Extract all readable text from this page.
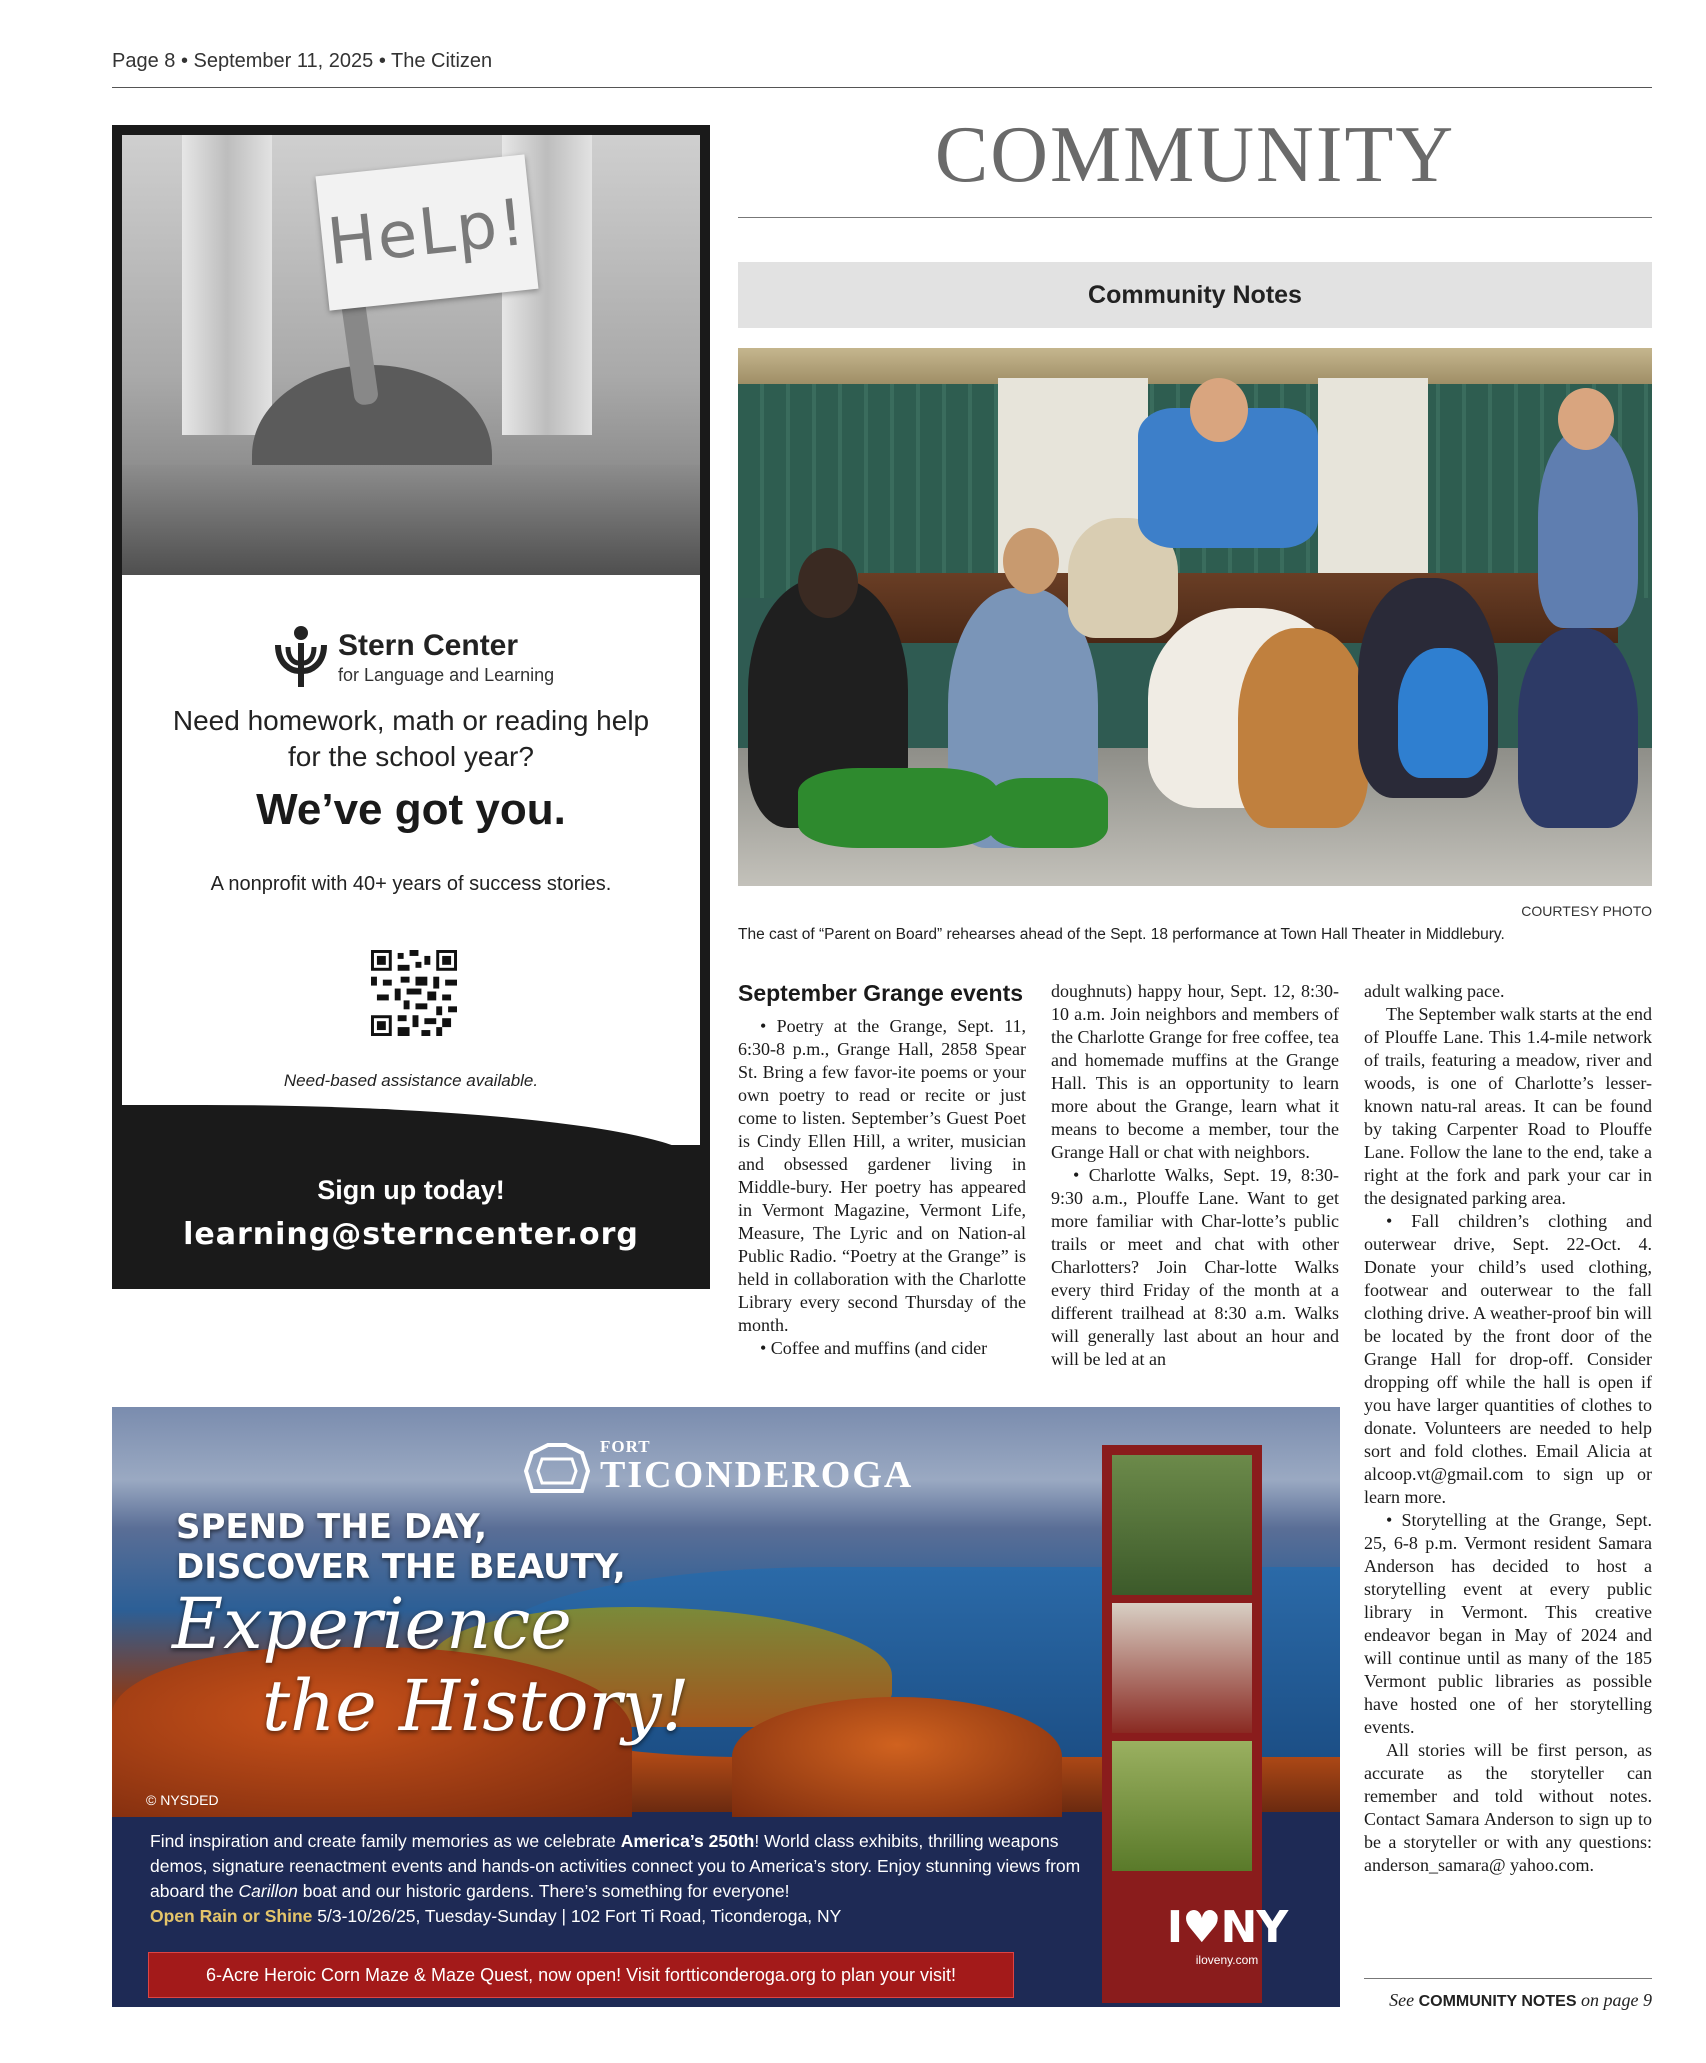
Page 8 • September 11, 2025 • The Citizen
HeLp!
Stern Center
for Language and Learning
Need homework, math or reading help
for the school year?
We’ve got you.
A nonprofit with 40+ years of success stories.
Need-based assistance available.
Sign up today!
learning@sterncenter.org
COMMUNITY
Community Notes
COURTESY PHOTO
The cast of “Parent on Board” rehearses ahead of the Sept. 18 performance at Town Hall Theater in Middlebury.
September Grange events

• Poetry at the Grange, Sept. 11, 6:30-8 p.m., Grange Hall, 2858 Spear St. Bring a few favor-ite poems or your own poetry to read or recite or just come to listen. September’s Guest Poet is Cindy Ellen Hill, a writer, musician and obsessed gardener living in Middle-bury. Her poetry has appeared in Vermont Magazine, Vermont Life, Measure, The Lyric and on Nation-al Public Radio. “Poetry at the Grange” is held in collaboration with the Charlotte Library every second Thursday of the month.

• Coffee and muffins (and cider

doughnuts) happy hour, Sept. 12, 8:30-10 a.m. Join neighbors and members of the Charlotte Grange for free coffee, tea and homemade muffins at the Grange Hall. This is an opportunity to learn more about the Grange, learn what it means to become a member, tour the Grange Hall or chat with neighbors.

• Charlotte Walks, Sept. 19, 8:30-9:30 a.m., Plouffe Lane. Want to get more familiar with Char-lotte’s public trails or meet and chat with other Charlotters? Join Char-lotte Walks every third Friday of the month at a different trailhead at 8:30 a.m. Walks will generally last about an hour and will be led at an

adult walking pace.

The September walk starts at the end of Plouffe Lane. This 1.4-mile network of trails, featuring a meadow, river and woods, is one of Charlotte’s lesser-known natu-ral areas. It can be found by taking Carpenter Road to Plouffe Lane. Follow the lane to the end, take a right at the fork and park your car in the designated parking area.

• Fall children’s clothing and outerwear drive, Sept. 22-Oct. 4. Donate your child’s used clothing, footwear and outerwear to the fall clothing drive. A weather-proof bin will be located by the front door of the Grange Hall for drop-off. Consider dropping off while the hall is open if you have larger quantities of clothes to donate. Volunteers are needed to help sort and fold clothes. Email Alicia at alcoop.vt@gmail.com to sign up or learn more.

• Storytelling at the Grange, Sept. 25, 6-8 p.m. Vermont resident Samara Anderson has decided to host a storytelling event at every public library in Vermont. This creative endeavor began in May of 2024 and will continue until as many of the 185 Vermont public libraries as possible have hosted one of her storytelling events.

All stories will be first person, as accurate as the storyteller can remember and told without notes. Contact Samara Anderson to sign up to be a storyteller or with any questions: anderson_samara@ yahoo.com.

See COMMUNITY NOTES on page 9
FORT
TICONDEROGA
SPEND THE DAY,
DISCOVER THE BEAUTY,
Experience
the History!
© NYSDED
Find inspiration and create family memories as we celebrate America’s 250th! World class exhibits, thrilling weapons demos, signature reenactment events and hands-on activities connect you to America’s story. Enjoy stunning views from aboard the Carillon boat and our historic gardens. There’s something for everyone!
Open Rain or Shine 5/3-10/26/25, Tuesday-Sunday | 102 Fort Ti Road, Ticonderoga, NY
6-Acre Heroic Corn Maze & Maze Quest, now open! Visit fortticonderoga.org to plan your visit!
I♥NY
iloveny.com
